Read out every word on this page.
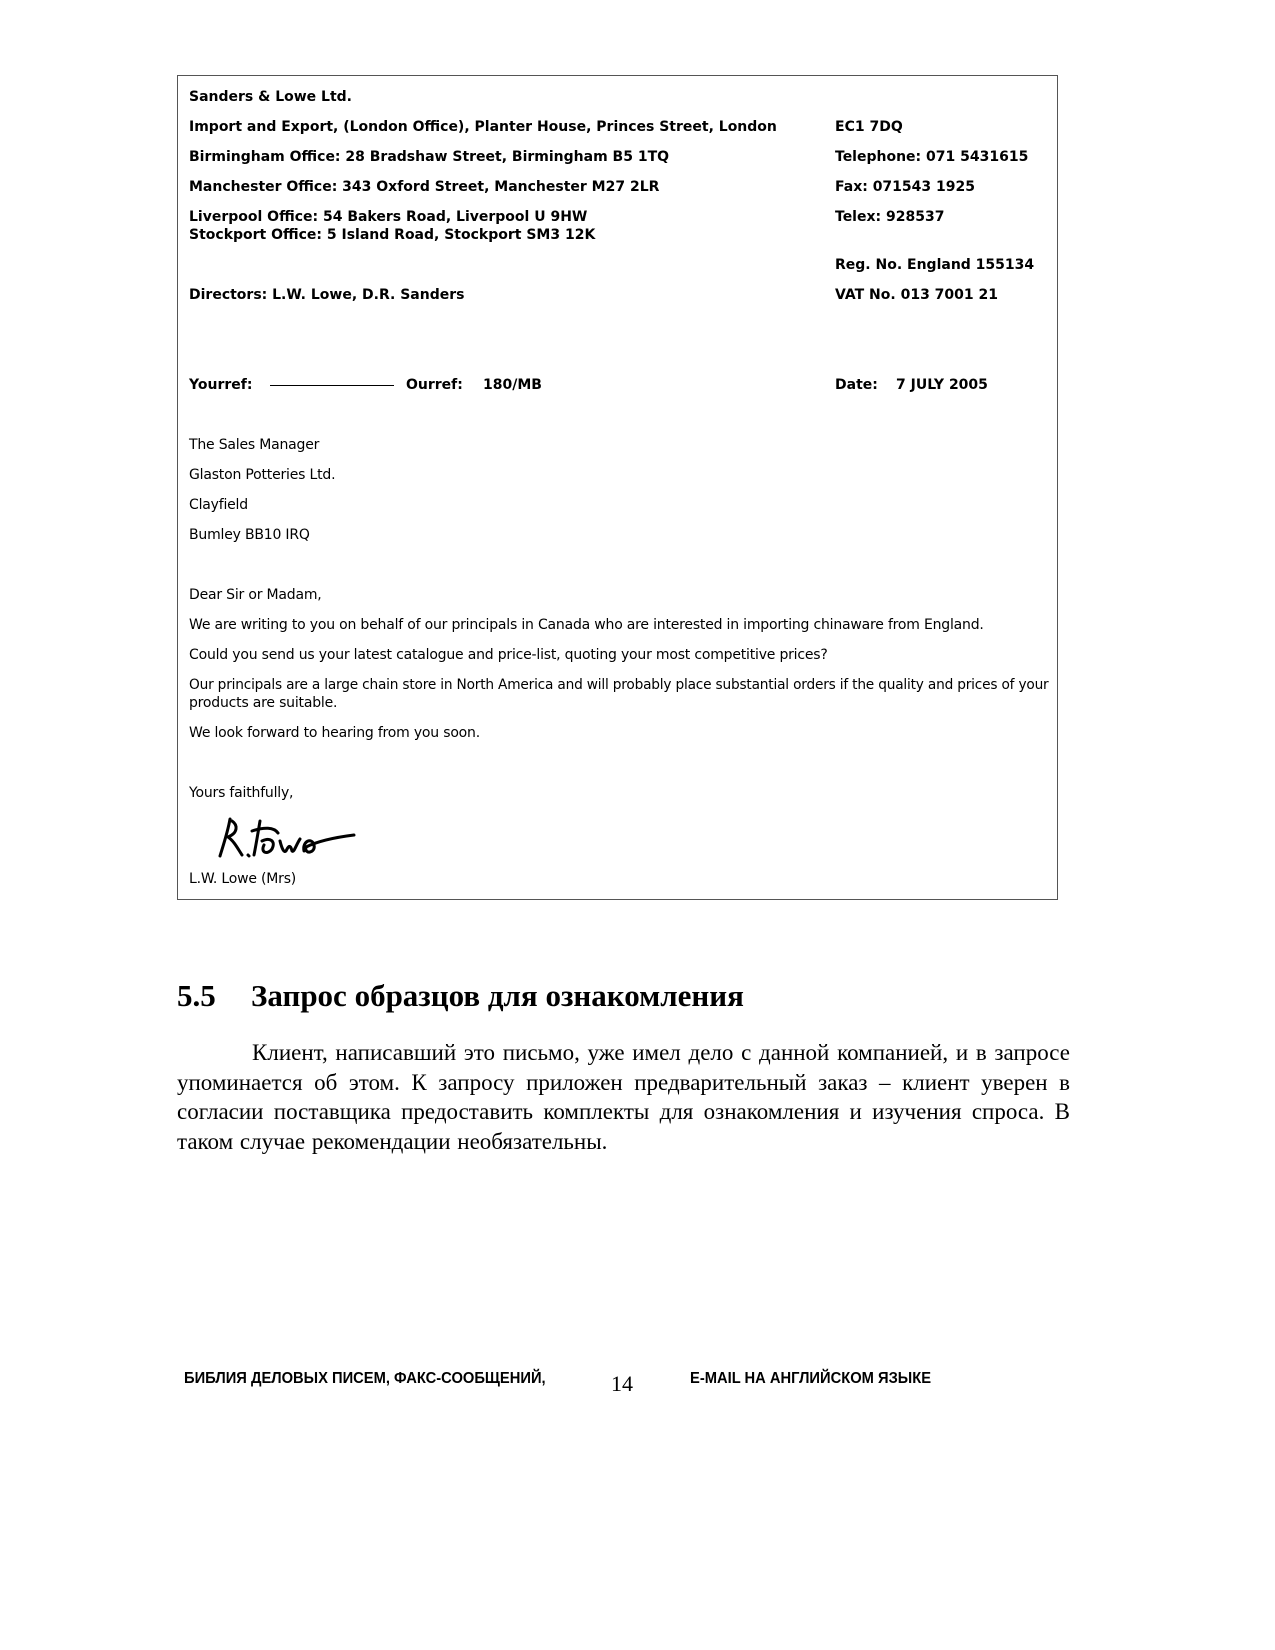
Sanders & Lowe Ltd.
Import and Export, (London Office), Planter House, Princes Street, London	EC1 7DQ
Birmingham Office: 28 Bradshaw Street, Birmingham B5 1TQ	Telephone: 071 5431615
Manchester Office: 343 Oxford Street, Manchester M27 2LR	Fax: 071543 1925
Liverpool Office: 54 Bakers Road, Liverpool U 9HW	Telex: 928537
Stockport Office: 5 Island Road, Stockport SM3 12K
Reg. No. England 155134
Directors: L.W. Lowe, D.R. Sanders	VAT No. 013 7001 21
Yourref:	Ourref: 180/MB	Date: 7 JULY 2005
The Sales Manager
Glaston Potteries Ltd.
Clayfield
Bumley BB10 IRQ
Dear Sir or Madam,
We are writing to you on behalf of our principals in Canada who are interested in importing chinaware from England.
Could you send us your latest catalogue and price-list, quoting your most competitive prices?
Our principals are a large chain store in North America and will probably place substantial orders if the quality and prices of your
products are suitable.
We look forward to hearing from you soon.
Yours faithfully,
L.W. Lowe (Mrs)
5.5 Запрос образцов для ознакомления

Клиент, написавший это письмо, уже имел дело с данной компанией, и в запросе упоминается об этом. К запросу приложен предварительный заказ – клиент уверен в согласии поставщика предоставить комплекты для ознакомления и изучения спроса. В таком случае рекомендации необязательны.

БИБЛИЯ ДЕЛОВЫХ ПИСЕМ, ФАКС-СООБЩЕНИЙ,	14	E-MAIL НА АНГЛИЙСКОМ ЯЗЫКЕ
